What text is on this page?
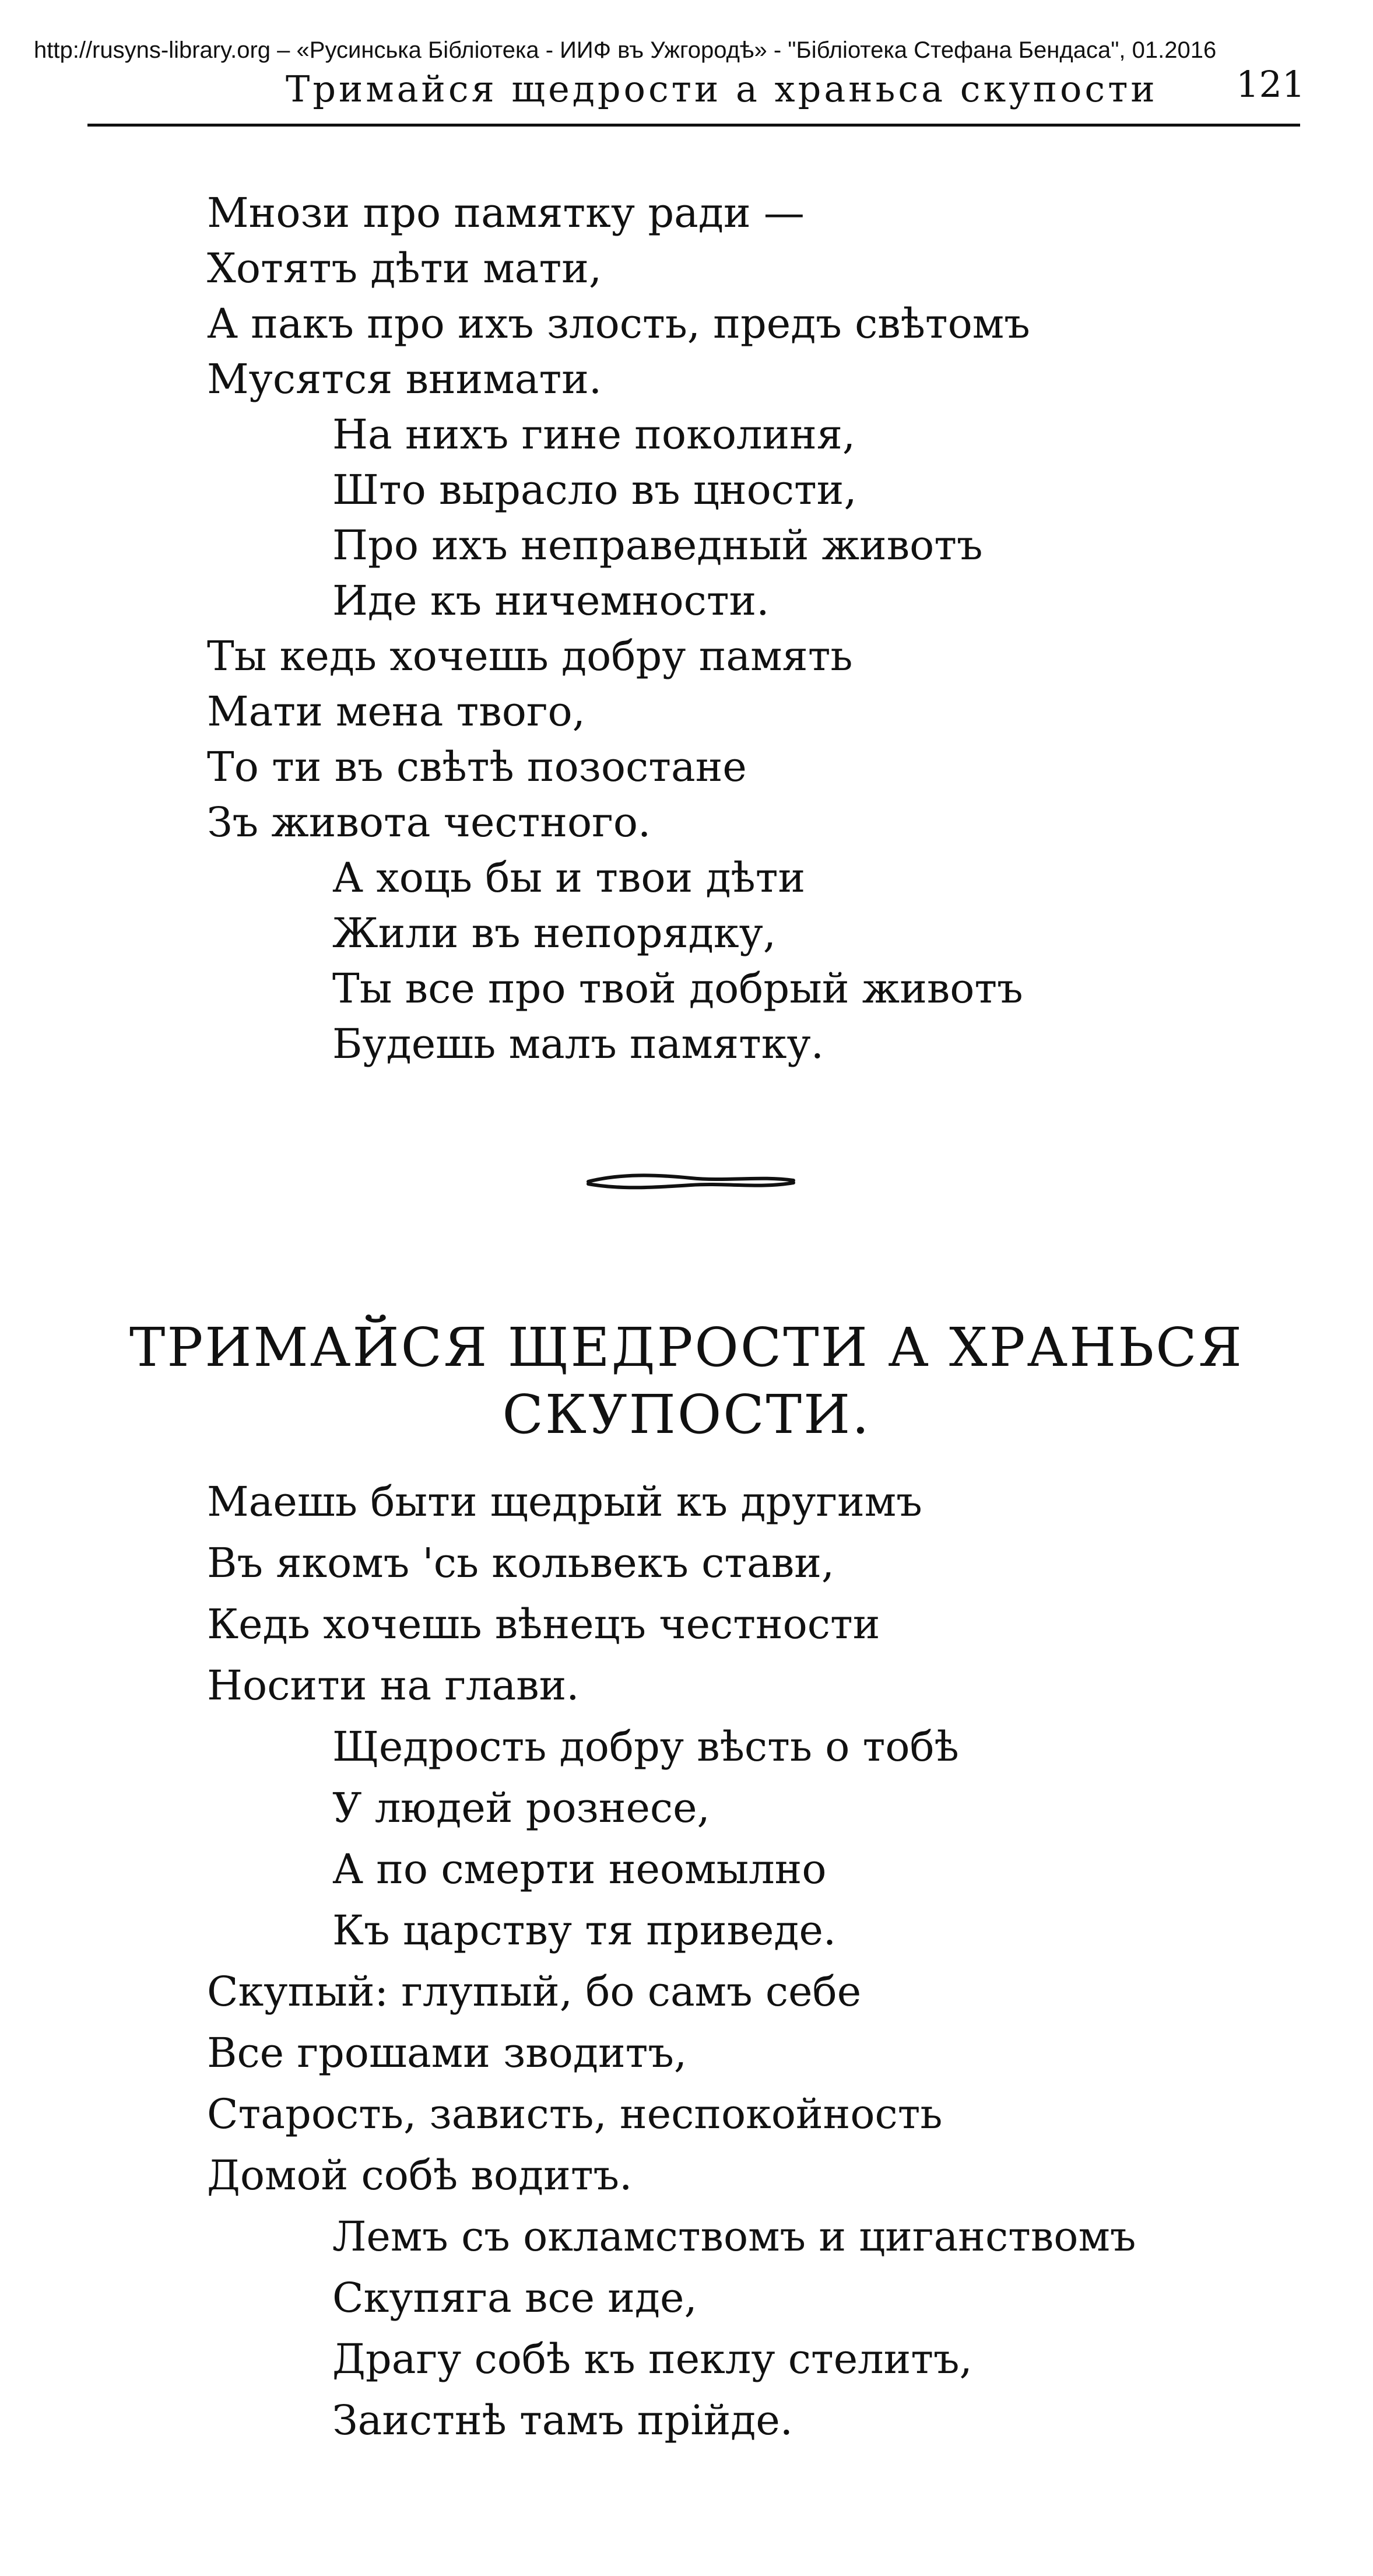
http://rusyns-library.org – «Русинська Бібліотека - ИИФ въ Ужгородѣ» - "Бібліотека Стефана Бендаса", 01.2016
Тримайся щедрости а храньса скупости 121
Мнози про памятку ради —
Хотятъ дѣти мати,
А пакъ про ихъ злость, предъ свѣтомъ
Мусятся внимати.
На нихъ гине поколиня,
Што вырасло въ цности,
Про ихъ неправедный животъ
Иде къ ничемности.
Ты кедь хочешь добру память
Мати мена твого,
То ти въ свѣтѣ позостане
Зъ живота честного.
А хоць бы и твои дѣти
Жили въ непорядку,
Ты все про твой добрый животъ
Будешь малъ памятку.
ТРИМАЙСЯ ЩЕДРОСТИ А ХРАНЬСЯ
СКУПОСТИ.
Маешь быти щедрый къ другимъ
Въ якомъ 'сь кольвекъ стави,
Кедь хочешь вѣнецъ честности
Носити на глави.
Щедрость добру вѣсть о тобѣ
У людей рознесе,
А по смерти неомылно
Къ царству тя приведе.
Скупый: глупый, бо самъ себе
Все грошами зводитъ,
Старость, зависть, неспокойность
Домой собѣ водитъ.
Лемъ съ окламствомъ и циганствомъ
Скупяга все иде,
Драгу собѣ къ пеклу стелитъ,
Заистнѣ тамъ прійде.
